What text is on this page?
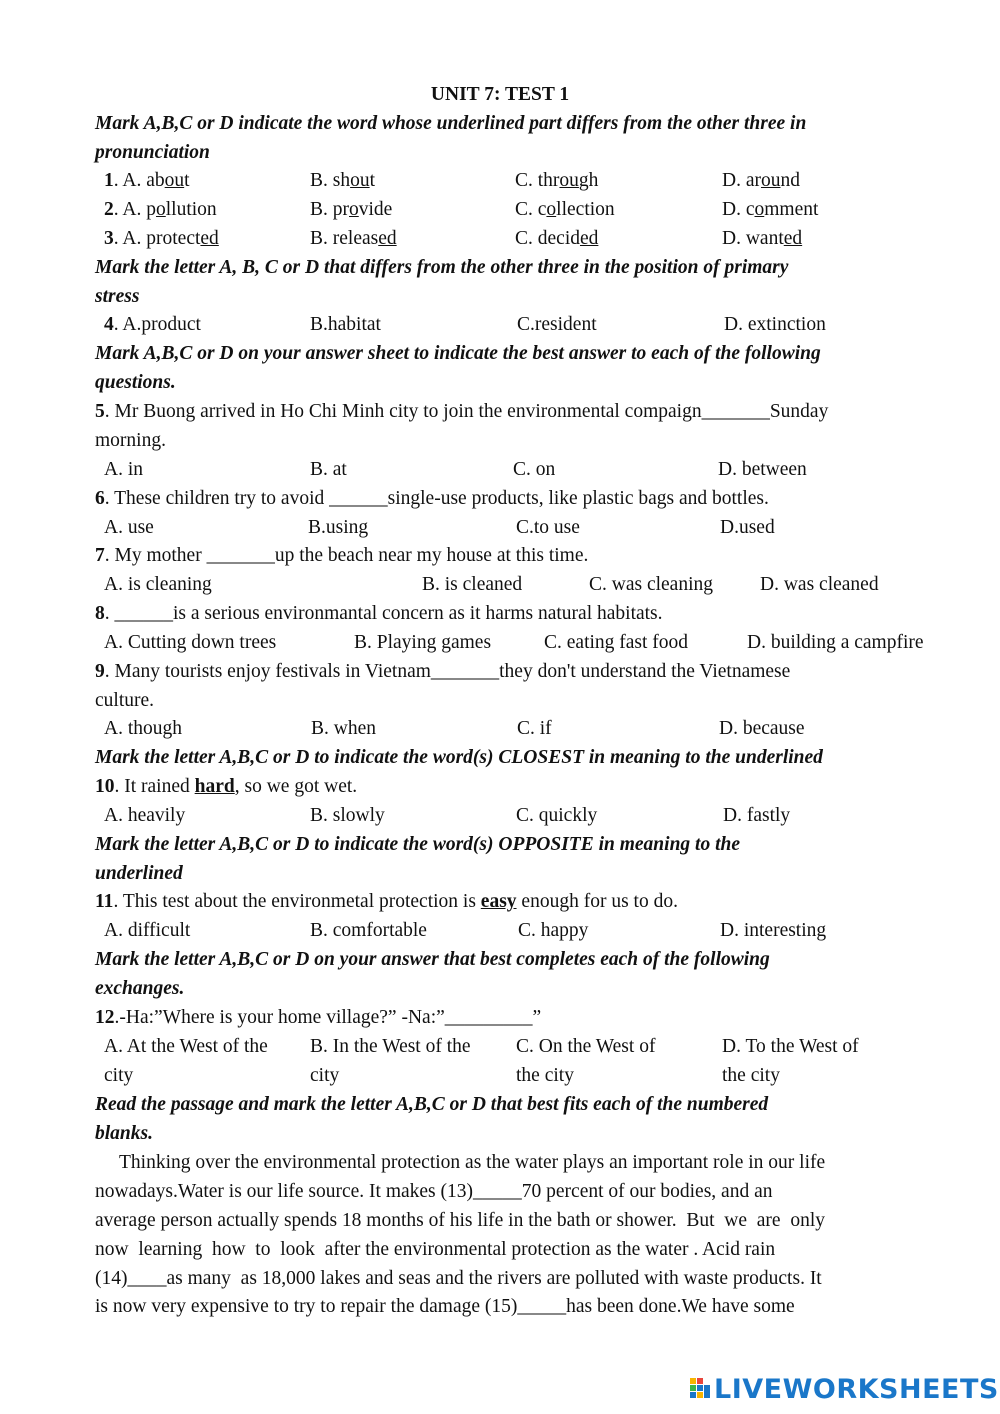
UNIT 7: TEST 1
Mark A,B,C or D indicate the word whose underlined part differs from the other three in
pronunciation
1. A. about	B. shout	C. through	D. around
2. A. pollution	B. provide	C. collection	D. comment
3. A. protected	B. released	C. decided	D. wanted
Mark the letter A, B, C or D that differs from the other three in the position of primary
stress
4. A.product	B.habitat	C.resident	D. extinction
Mark A,B,C or D on your answer sheet to indicate the best answer to each of the following
questions.
5. Mr Buong arrived in Ho Chi Minh city to join the environmental compaign_______Sunday
morning.
A. in	B. at	C. on	D. between
6. These children try to avoid ______single-use products, like plastic bags and bottles.
A. use	B.using	C.to use	D.used
7. My mother _______up the beach near my house at this time.
A. is cleaning	B. is cleaned	C. was cleaning D. was cleaned
8. ______is a serious environmantal concern as it harms natural habitats.
A. Cutting down trees	B. Playing games	C. eating fast food	D. building a campfire
9. Many tourists enjoy festivals in Vietnam_______they don't understand the Vietnamese
culture.
A. though	B. when	C. if	D. because
Mark the letter A,B,C or D to indicate the word(s) CLOSEST in meaning to the underlined
10. It rained hard, so we got wet.
A. heavily	B. slowly	C. quickly	D. fastly
Mark the letter A,B,C or D to indicate the word(s) OPPOSITE in meaning to the
underlined
11. This test about the environmetal protection is easy enough for us to do.
A. difficult	B. comfortable	C. happy	D. interesting
Mark the letter A,B,C or D on your answer that best completes each of the following
exchanges.
12.-Ha:”Where is your home village?” -Na:”_________”
A. At the West of the
city
B. In the West of the
city
C. On the West of
the city
D. To the West of
the city
Read the passage and mark the letter A,B,C or D that best fits each of the numbered
blanks.
Thinking over the environmental protection as the water plays an important role in our life
nowadays.Water is our life source. It makes (13)_____70 percent of our bodies, and an
average person actually spends 18 months of his life in the bath or shower.  But  we  are  only
now  learning  how  to  look  after the environmental protection as the water . Acid rain
(14)____as many  as 18,000 lakes and seas and the rivers are polluted with waste products. It
is now very expensive to try to repair the damage (15)_____has been done.We have some
LIVEWORKSHEETS
